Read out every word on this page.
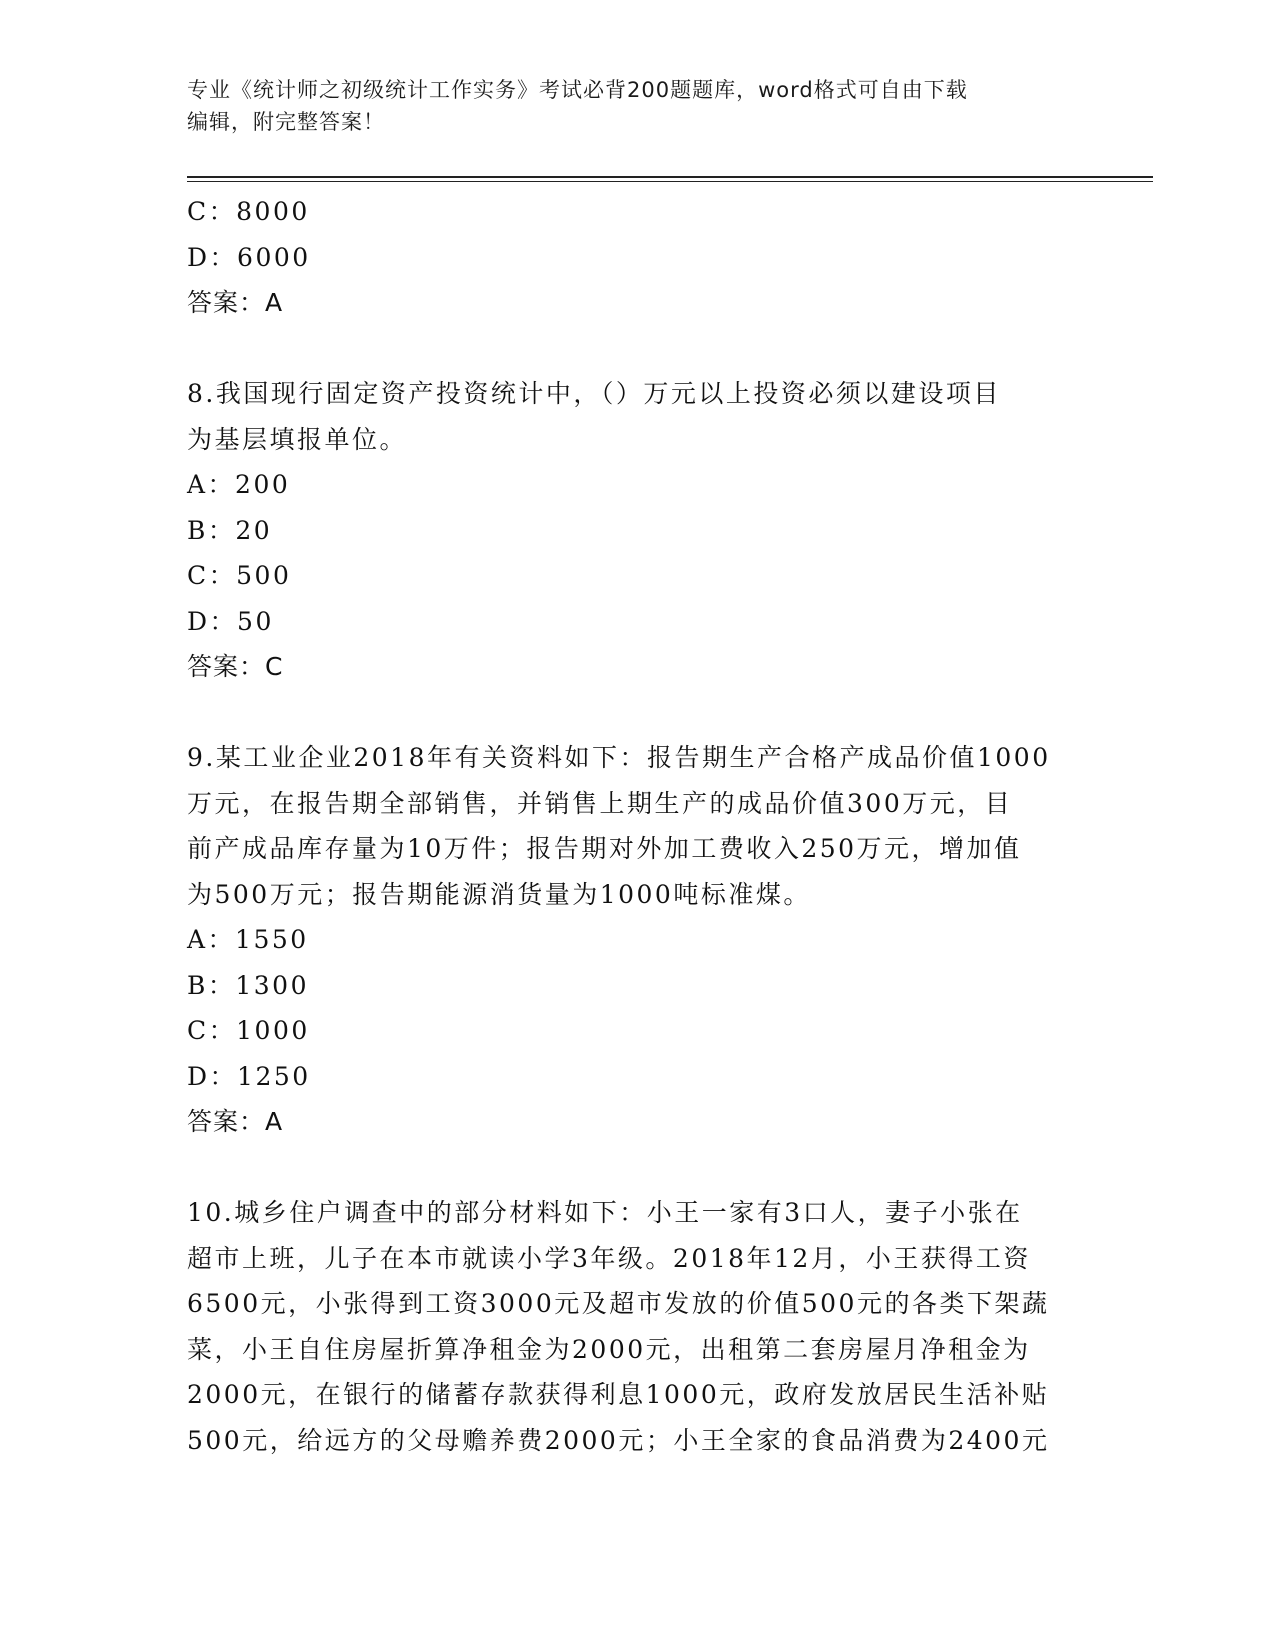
专业《统计师之初级统计工作实务》考试必背200题题库，word格式可自由下载
编辑，附完整答案！
C：8000
D：6000
答案：A
8.我国现行固定资产投资统计中，（）万元以上投资必须以建设项目
为基层填报单位。
A：200
B：20
C：500
D：50
答案：C
9.某工业企业2018年有关资料如下：报告期生产合格产成品价值1000
万元，在报告期全部销售，并销售上期生产的成品价值300万元，目
前产成品库存量为10万件；报告期对外加工费收入250万元，增加值
为500万元；报告期能源消货量为1000吨标准煤。
A：1550
B：1300
C：1000
D：1250
答案：A
10.城乡住户调查中的部分材料如下：小王一家有3口人，妻子小张在
超市上班，儿子在本市就读小学3年级。2018年12月，小王获得工资
6500元，小张得到工资3000元及超市发放的价值500元的各类下架蔬
菜，小王自住房屋折算净租金为2000元，出租第二套房屋月净租金为
2000元，在银行的储蓄存款获得利息1000元，政府发放居民生活补贴
500元，给远方的父母赡养费2000元；小王全家的食品消费为2400元
